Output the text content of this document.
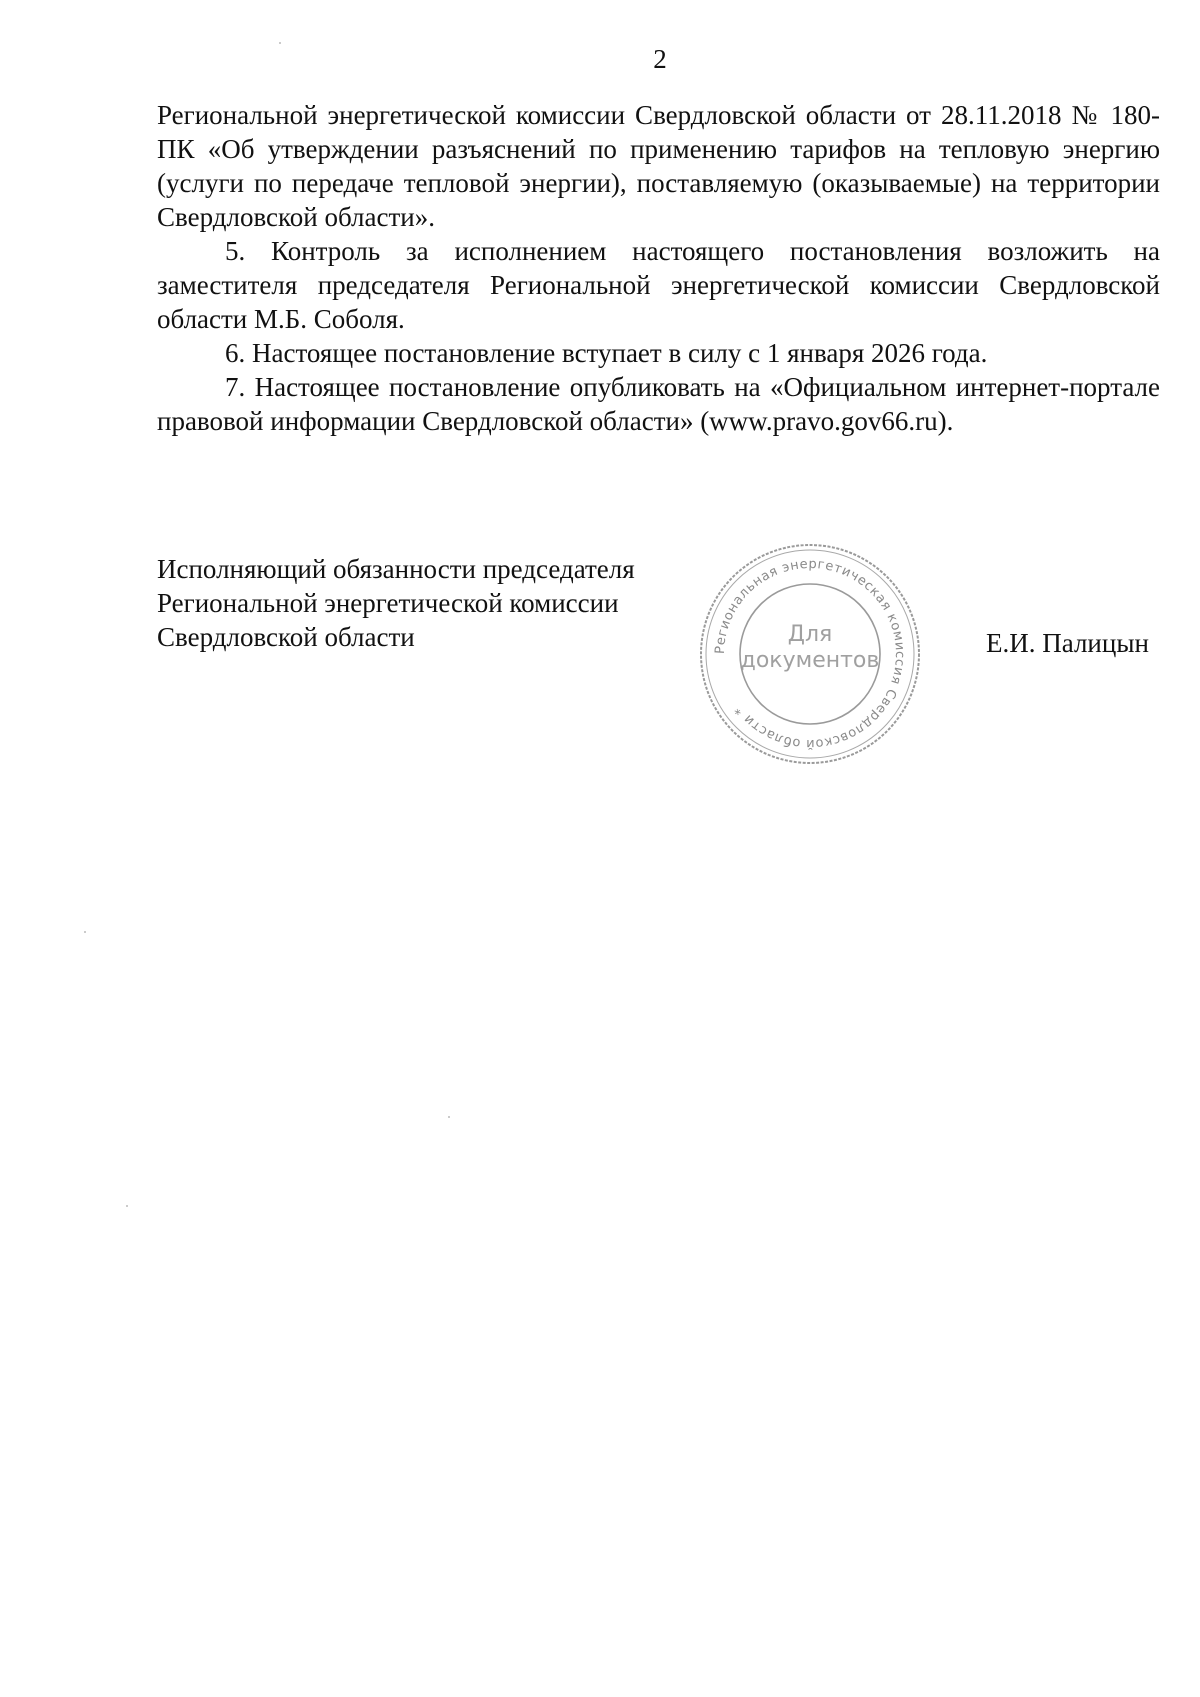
2

Региональной энергетической комиссии Свердловской области от 28.11.2018 № 180-ПК «Об утверждении разъяснений по применению тарифов на тепловую энергию (услуги по передаче тепловой энергии), поставляемую (оказываемые) на территории Свердловской области».

5. Контроль за исполнением настоящего постановления возложить на заместителя председателя Региональной энергетической комиссии Свердловской области М.Б. Соболя.

6. Настоящее постановление вступает в силу с 1 января 2026 года.

7. Настоящее постановление опубликовать на «Официальном интернет-портале правовой информации Свердловской области» (www.pravo.gov66.ru).

Исполняющий обязанности председателя
Региональной энергетической комиссии
Свердловской области	Е.И. Палицын
Региональная энергетическая комиссия Свердловской области *
Для
документов
